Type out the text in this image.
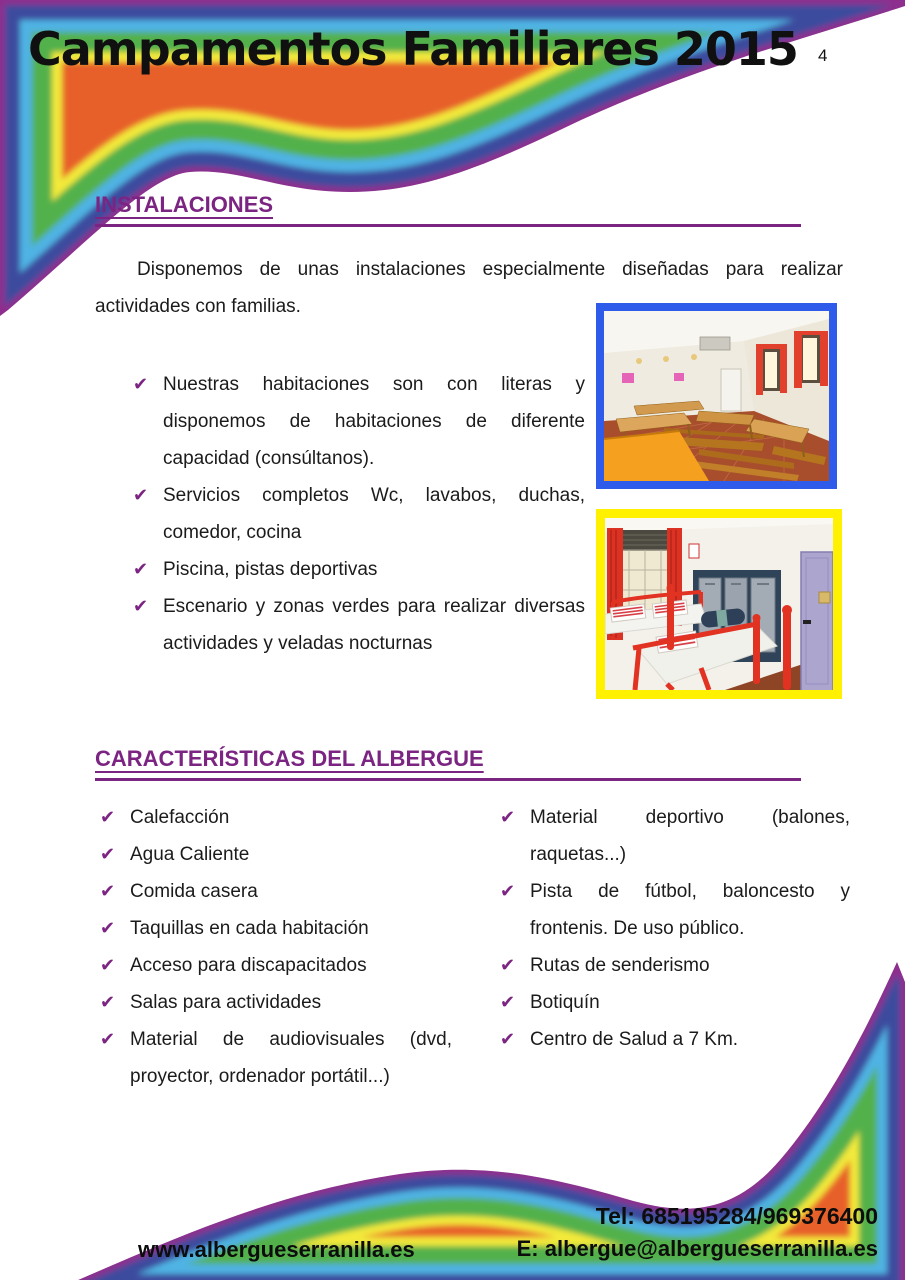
Campamentos Familiares 2015 4
INSTALACIONES
Disponemos de unas instalaciones especialmente diseñadas para realizar actividades con familias.
✔ Nuestras habitaciones son con literas y disponemos de habitaciones de diferente capacidad (consúltanos).
✔ Servicios completos Wc, lavabos, duchas, comedor, cocina
✔ Piscina, pistas deportivas
✔ Escenario y zonas verdes para realizar diversas actividades y veladas nocturnas
CARACTERÍSTICAS DEL ALBERGUE
✔ Calefacción
✔ Agua Caliente
✔ Comida casera
✔ Taquillas en cada habitación
✔ Acceso para discapacitados
✔ Salas para actividades
✔ Material de audiovisuales (dvd, proyector, ordenador portátil...)
✔ Material deportivo (balones, raquetas...)
✔ Pista de fútbol, baloncesto y frontenis. De uso público.
✔ Rutas de senderismo
✔ Botiquín
✔ Centro de Salud a 7 Km.
Tel: 685195284/969376400
www.albergueserranilla.es	E: albergue@albergueserranilla.es
